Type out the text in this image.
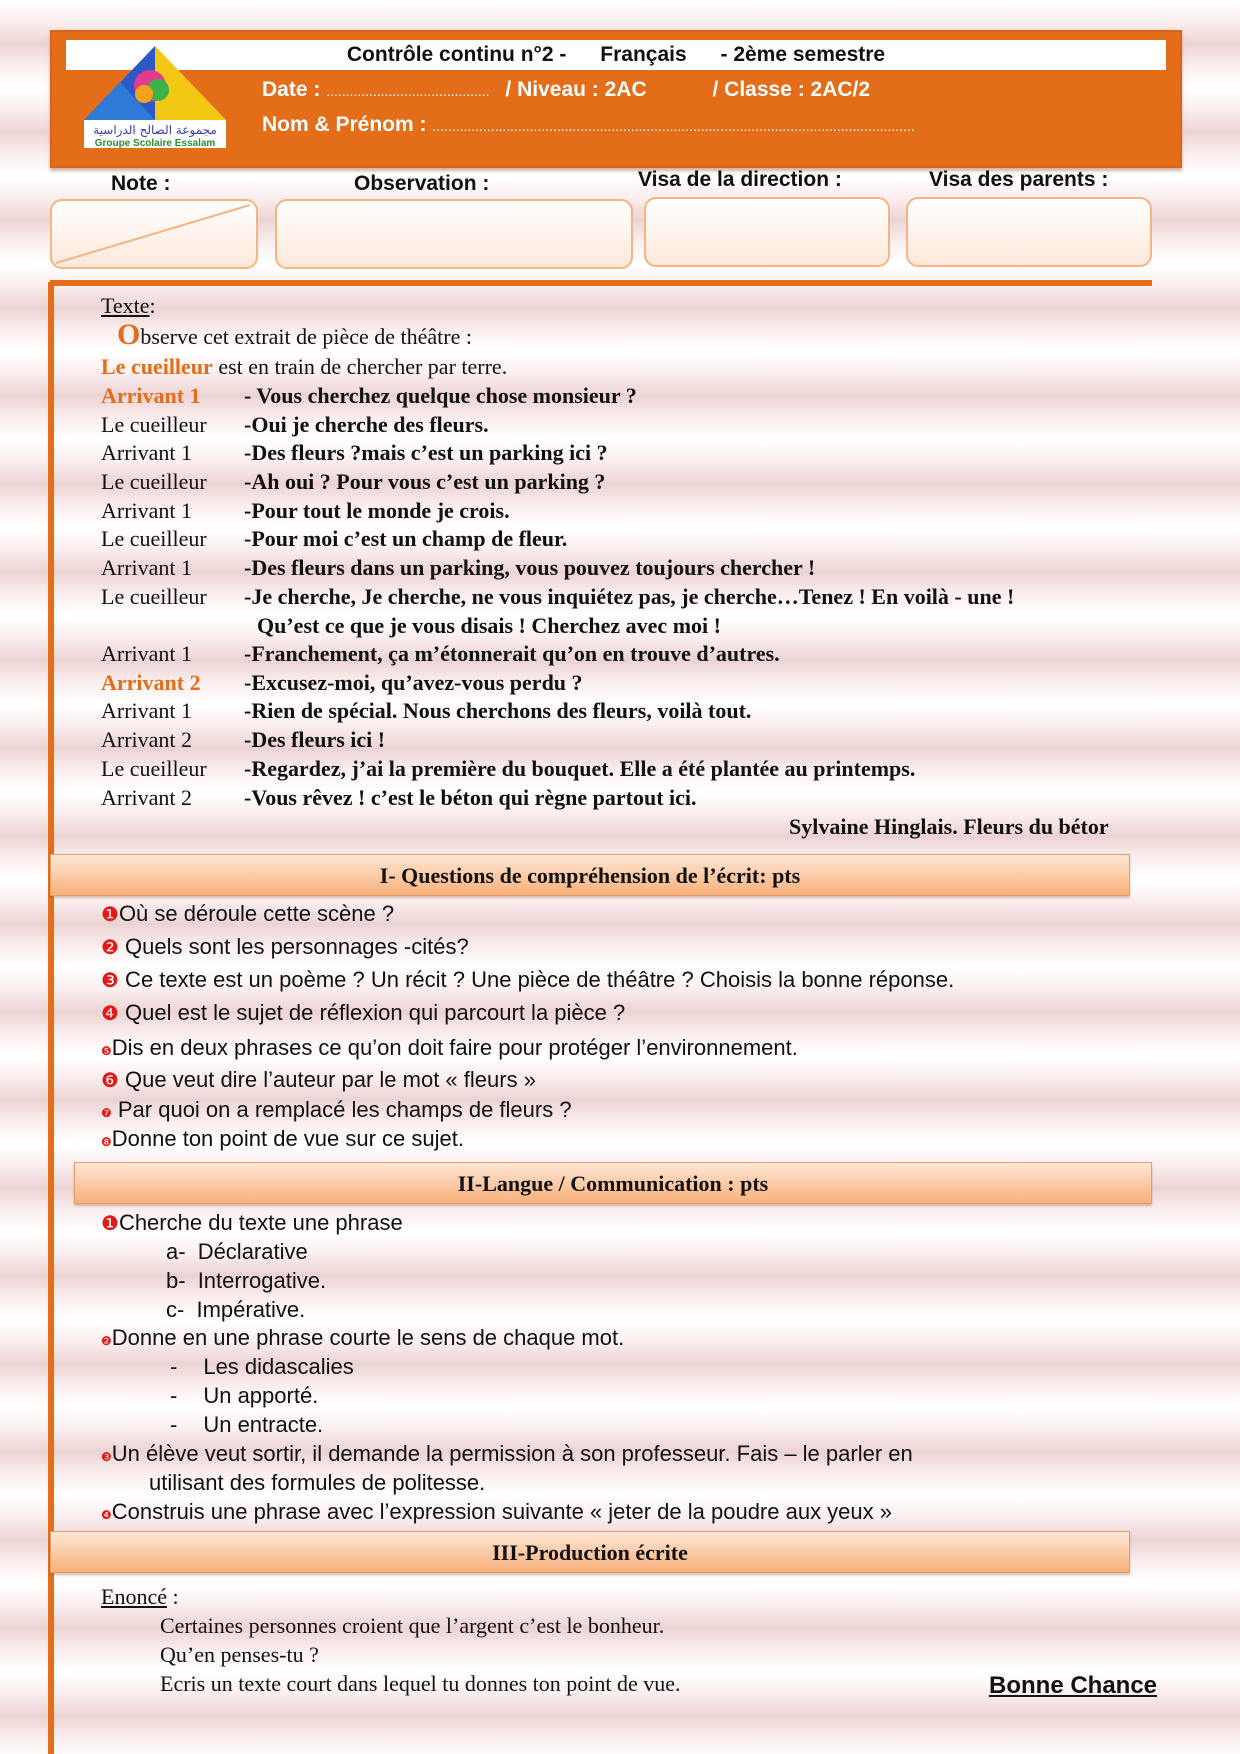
Contrôle continu n°2 - Français - 2ème semestre
مجموعة الصالح الدراسية
Groupe Scolaire Essalam
Date : .......................................... / Niveau : 2AC	/ Classe : 2AC/2
Nom & Prénom : ............................................................................................................................
Note :	Observation :	Visa de la direction :	Visa des parents :
Texte:
Observe cet extrait de pièce de théâtre :
Le cueilleur est en train de chercher par terre.
Arrivant 1 - Vous cherchez quelque chose monsieur ?
Le cueilleur -Oui je cherche des fleurs.
Arrivant 1 -Des fleurs ?mais c’est un parking ici ?
Le cueilleur -Ah oui ? Pour vous c’est un parking ?
Arrivant 1 -Pour tout le monde je crois.
Le cueilleur -Pour moi c’est un champ de fleur.
Arrivant 1 -Des fleurs dans un parking, vous pouvez toujours chercher !
Le cueilleur -Je cherche, Je cherche, ne vous inquiétez pas, je cherche…Tenez ! En voilà - une !
Qu’est ce que je vous disais ! Cherchez avec moi !
Arrivant 1 -Franchement, ça m’étonnerait qu’on en trouve d’autres.
Arrivant 2 -Excusez-moi, qu’avez-vous perdu ?
Arrivant 1 -Rien de spécial. Nous cherchons des fleurs, voilà tout.
Arrivant 2 -Des fleurs ici !
Le cueilleur -Regardez, j’ai la première du bouquet. Elle a été plantée au printemps.
Arrivant 2 -Vous rêvez ! c’est le béton qui règne partout ici.
Sylvaine Hinglais. Fleurs du bétor
I- Questions de compréhension de l’écrit: pts
❶Où se déroule cette scène ?
❷ Quels sont les personnages -cités?
❸ Ce texte est un poème ? Un récit ? Une pièce de théâtre ? Choisis la bonne réponse.
❹ Quel est le sujet de réflexion qui parcourt la pièce ?
❺Dis en deux phrases ce qu’on doit faire pour protéger l’environnement.
❻ Que veut dire l’auteur par le mot « fleurs »
❼ Par quoi on a remplacé les champs de fleurs ?
❽Donne ton point de vue sur ce sujet.
II-Langue / Communication : pts
❶Cherche du texte une phrase
a- Déclarative
b- Interrogative.
c- Impérative.
❷Donne en une phrase courte le sens de chaque mot.
- Les didascalies
- Un apporté.
- Un entracte.
❸Un élève veut sortir, il demande la permission à son professeur. Fais – le parler en
utilisant des formules de politesse.
❹Construis une phrase avec l’expression suivante « jeter de la poudre aux yeux »
III-Production écrite
Enoncé :
Certaines personnes croient que l’argent c’est le bonheur.
Qu’en penses-tu ?
Ecris un texte court dans lequel tu donnes ton point de vue.	Bonne Chance
